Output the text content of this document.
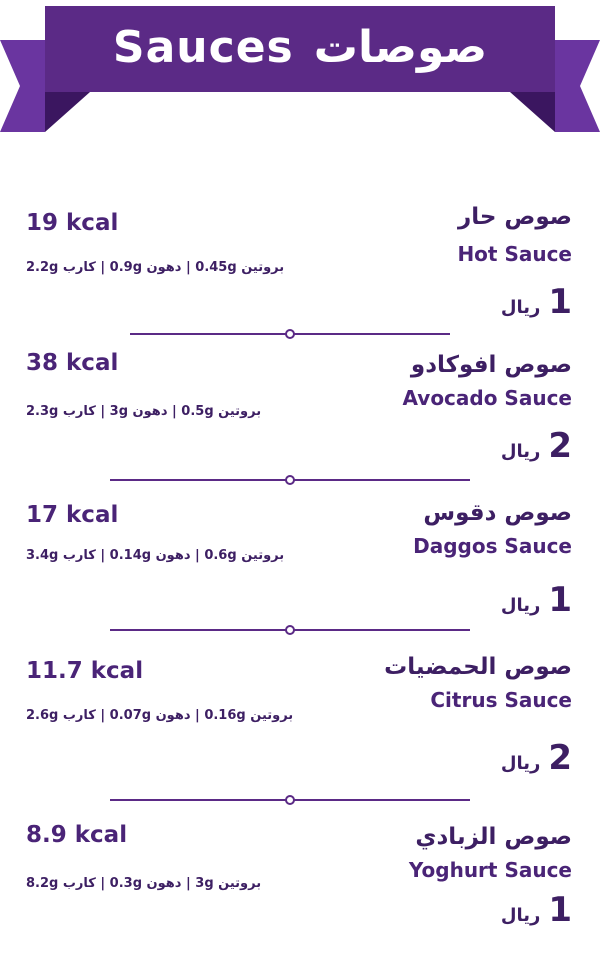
Sauces صوصات
19 kcal
بروتين 0.45g | دهون 0.9g | كارب 2.2g
صوص حار
Hot Sauce
1
ريال
38 kcal
بروتين 0.5g | دهون 3g | كارب 2.3g
صوص افوكادو
Avocado Sauce
2
ريال
17 kcal
بروتين 0.6g | دهون 0.14g | كارب 3.4g
صوص دقوس
Daggos Sauce
1
ريال
11.7 kcal
بروتين 0.16g | دهون 0.07g | كارب 2.6g
صوص الحمضيات
Citrus Sauce
2
ريال
8.9 kcal
بروتين 3g | دهون 0.3g | كارب 8.2g
صوص الزبادي
Yoghurt Sauce
1
ريال
